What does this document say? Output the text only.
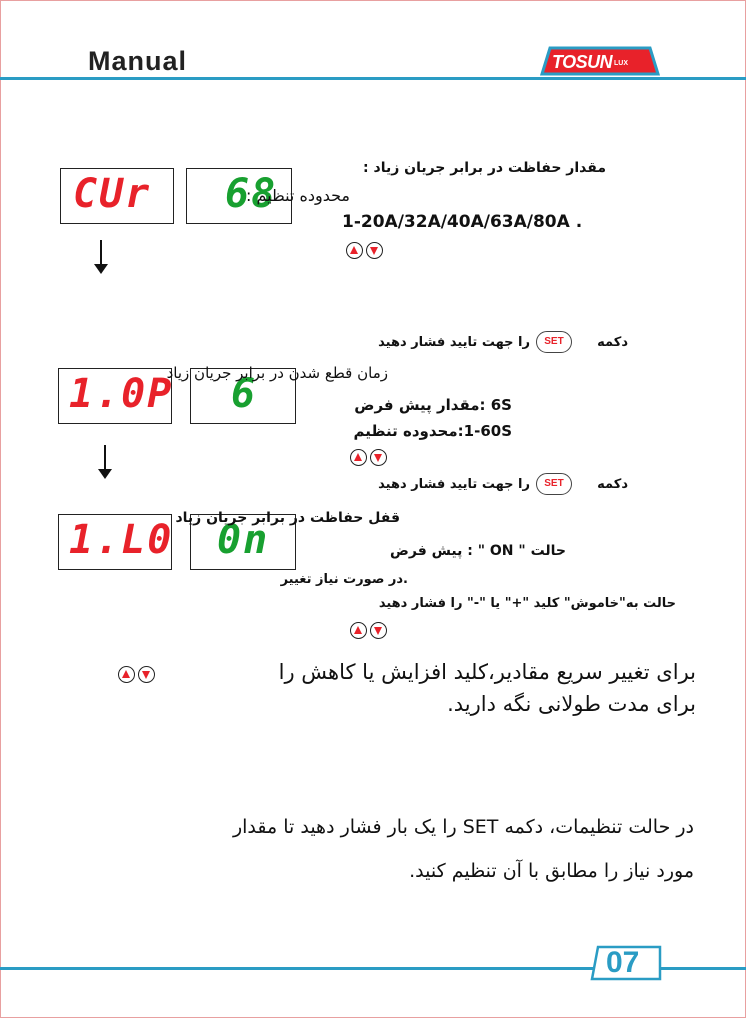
Manual	TOSUN LUX
CUr 68
مقدار حفاظت در برابر جریان زیاد :
محدوده تنظیم :
1-20A/32A/40A/63A/80A .
دکمه
SET
را جهت تایید فشار دهید
1.0P 6
زمان قطع شدن در برابر جریان زیاد
6S :مقدار پیش فرض
1-60S:محدوده تنظیم
دکمه
SET
را جهت تایید فشار دهید
1.L0 0n
قفل حفاظت در برابر جریان زیاد
حالت " ON " : پیش فرض
.در صورت نیاز تغییر
حالت به"خاموش" کلید "+" یا "-" را فشار دهید
برای تغییر سریع مقادیر،کلید افزایش یا کاهش را
برای مدت طولانی نگه دارید.
در حالت تنظیمات، دکمه SET را یک بار فشار دهید تا مقدار
مورد نیاز را مطابق با آن تنظیم کنید.
07
